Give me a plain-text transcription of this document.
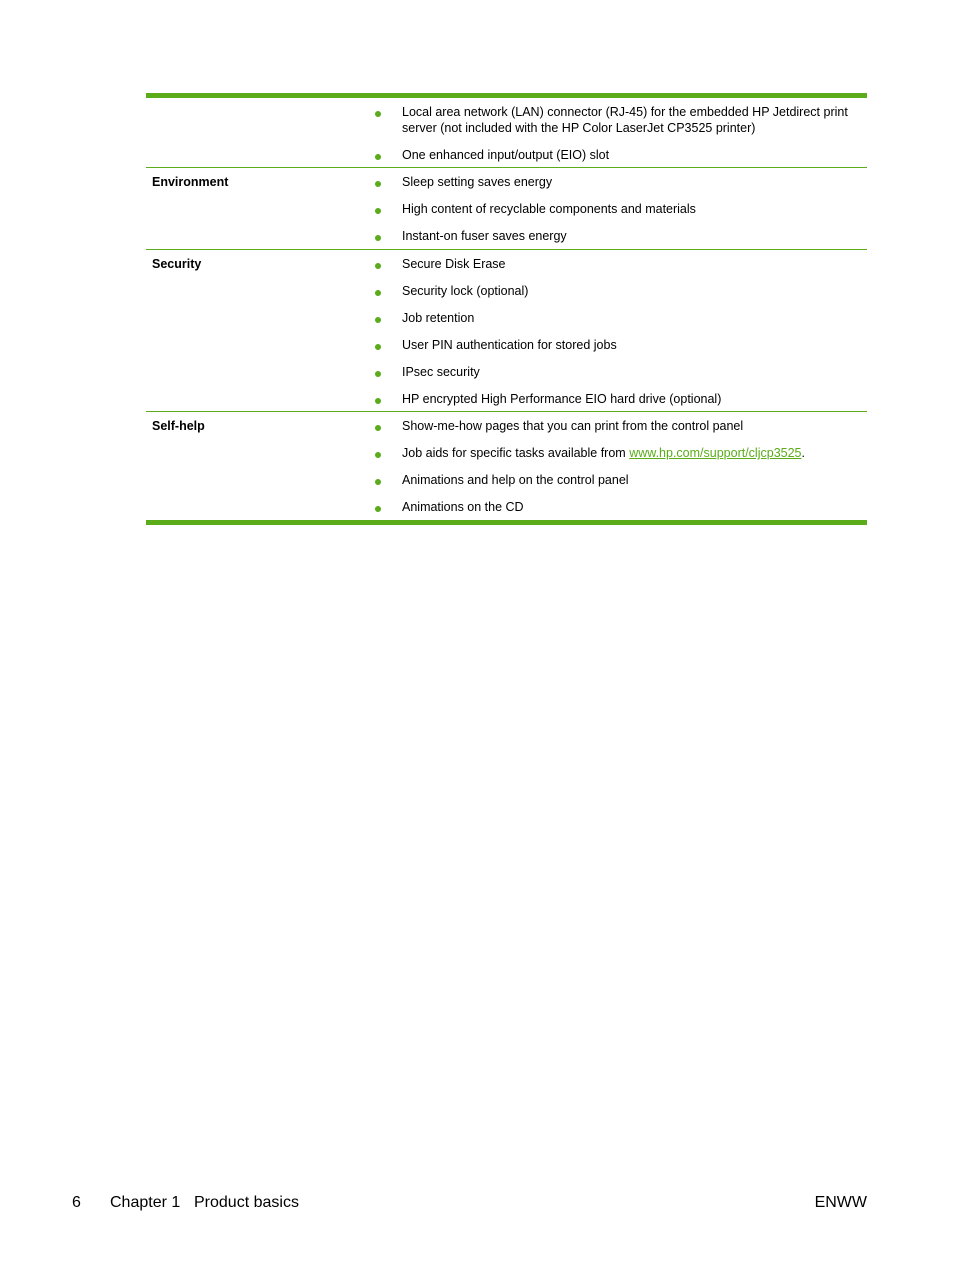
Local area network (LAN) connector (RJ-45) for the embedded HP Jetdirect print server (not included with the HP Color LaserJet CP3525 printer)
One enhanced input/output (EIO) slot
Environment	Sleep setting saves energy
High content of recyclable components and materials
Instant-on fuser saves energy
Security	Secure Disk Erase
Security lock (optional)
Job retention
User PIN authentication for stored jobs
IPsec security
HP encrypted High Performance EIO hard drive (optional)
Self-help	Show-me-how pages that you can print from the control panel
Job aids for specific tasks available from www.hp.com/support/cljcp3525.
Animations and help on the control panel
Animations on the CD
6 Chapter 1 Product basics	ENWW
